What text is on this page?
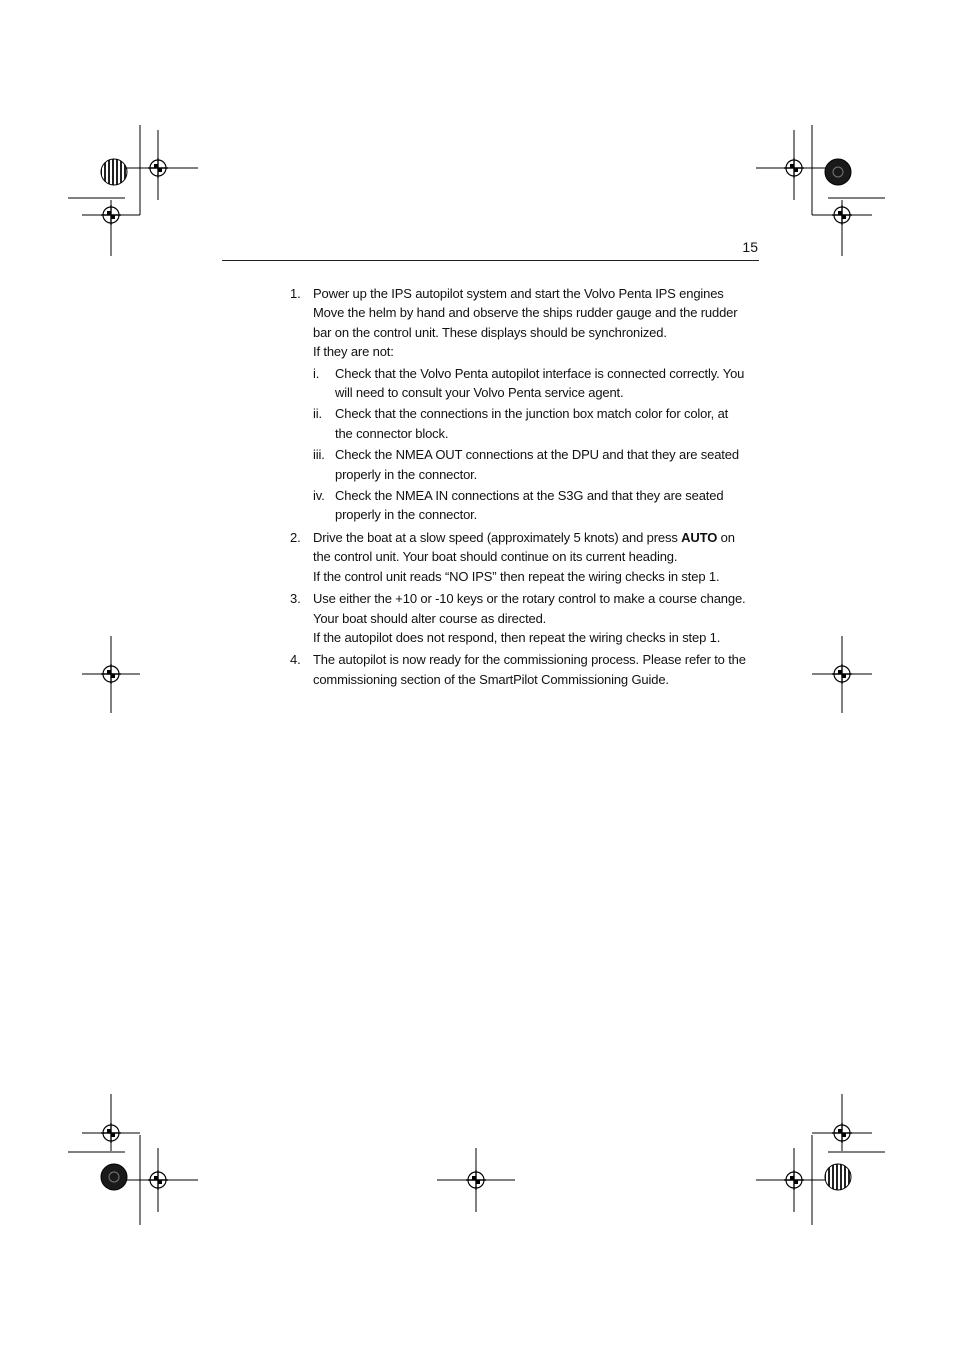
15
1. Power up the IPS autopilot system and start the Volvo Penta IPS engines
Move the helm by hand and observe the ships rudder gauge and the rudder
bar on the control unit. These displays should be synchronized.
If they are not:
i. Check that the Volvo Penta autopilot interface is connected correctly. You
will need to consult your Volvo Penta service agent.
ii. Check that the connections in the junction box match color for color, at
the connector block.
iii. Check the NMEA OUT connections at the DPU and that they are seated
properly in the connector.
iv. Check the NMEA IN connections at the S3G and that they are seated
properly in the connector.
2. Drive the boat at a slow speed (approximately 5 knots) and press AUTO on
the control unit. Your boat should continue on its current heading.
If the control unit reads “NO IPS” then repeat the wiring checks in step 1.
3. Use either the +10 or -10 keys or the rotary control to make a course change.
Your boat should alter course as directed.
If the autopilot does not respond, then repeat the wiring checks in step 1.
4. The autopilot is now ready for the commissioning process. Please refer to the
commissioning section of the SmartPilot Commissioning Guide.
